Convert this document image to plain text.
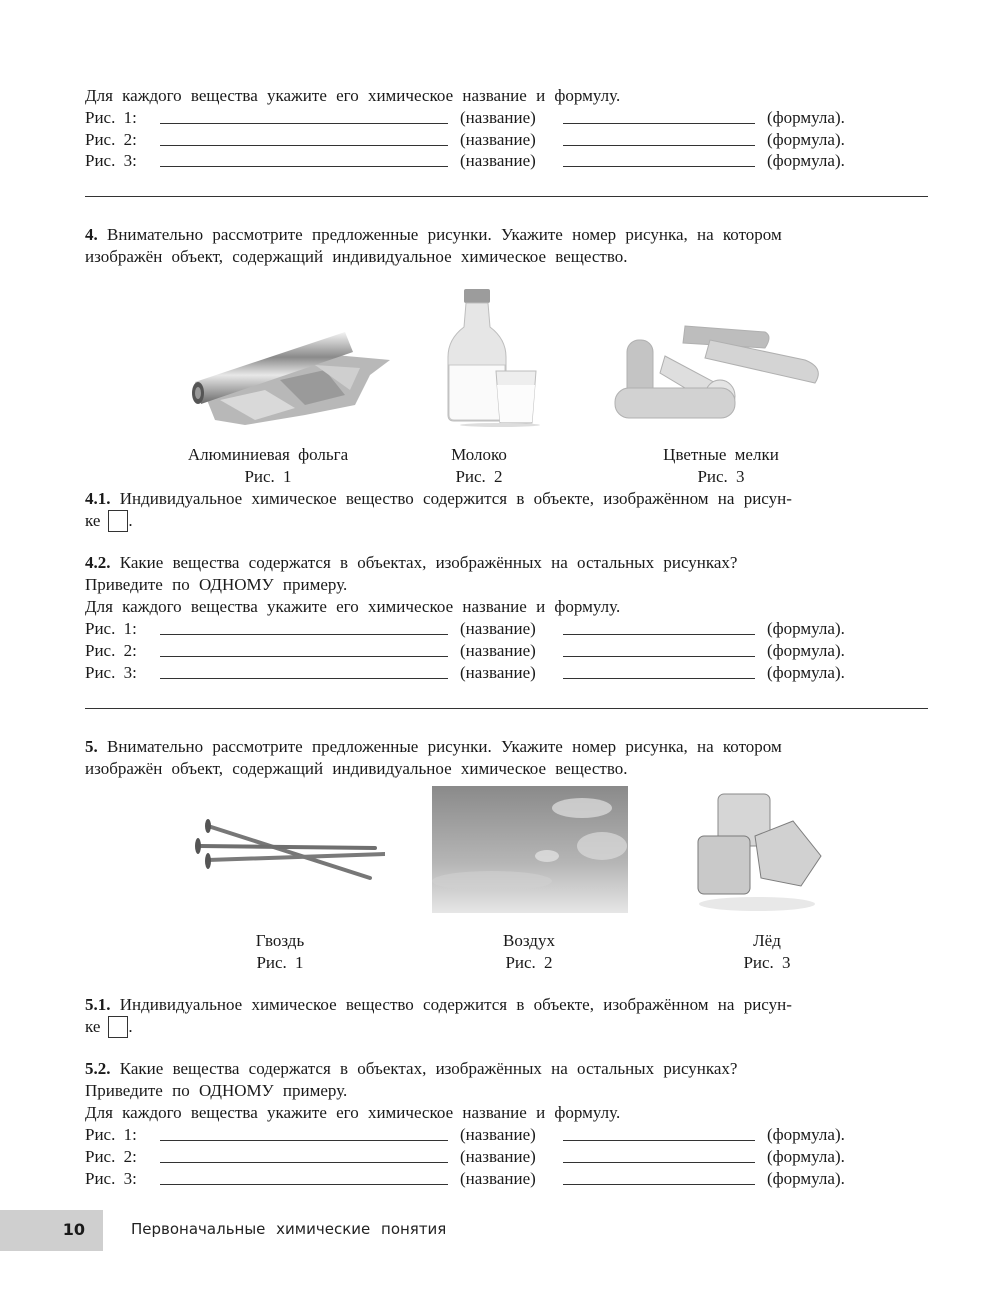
Для каждого вещества укажите его химическое название и формулу.
Рис. 1:	(название)	(формула).
Рис. 2:	(название)	(формула).
Рис. 3:	(название)	(формула).
4. Внимательно рассмотрите предложенные рисунки. Укажите номер рисунка, на котором
изображён объект, содержащий индивидуальное химическое вещество.
Алюминиевая фольга
Рис. 1
Молоко
Рис. 2
Цветные мелки
Рис. 3
4.1. Индивидуальное химическое вещество содержится в объекте, изображённом на рисун-
ке .
4.2. Какие вещества содержатся в объектах, изображённых на остальных рисунках?
Приведите по ОДНОМУ примеру.
Для каждого вещества укажите его химическое название и формулу.
Рис. 1:	(название)	(формула).
Рис. 2:	(название)	(формула).
Рис. 3:	(название)	(формула).
5. Внимательно рассмотрите предложенные рисунки. Укажите номер рисунка, на котором
изображён объект, содержащий индивидуальное химическое вещество.
Гвоздь
Рис. 1
Воздух
Рис. 2
Лёд
Рис. 3
5.1. Индивидуальное химическое вещество содержится в объекте, изображённом на рисун-
ке .
5.2. Какие вещества содержатся в объектах, изображённых на остальных рисунках?
Приведите по ОДНОМУ примеру.
Для каждого вещества укажите его химическое название и формулу.
Рис. 1:	(название)	(формула).
Рис. 2:	(название)	(формула).
Рис. 3:	(название)	(формула).
10	Первоначальные химические понятия
